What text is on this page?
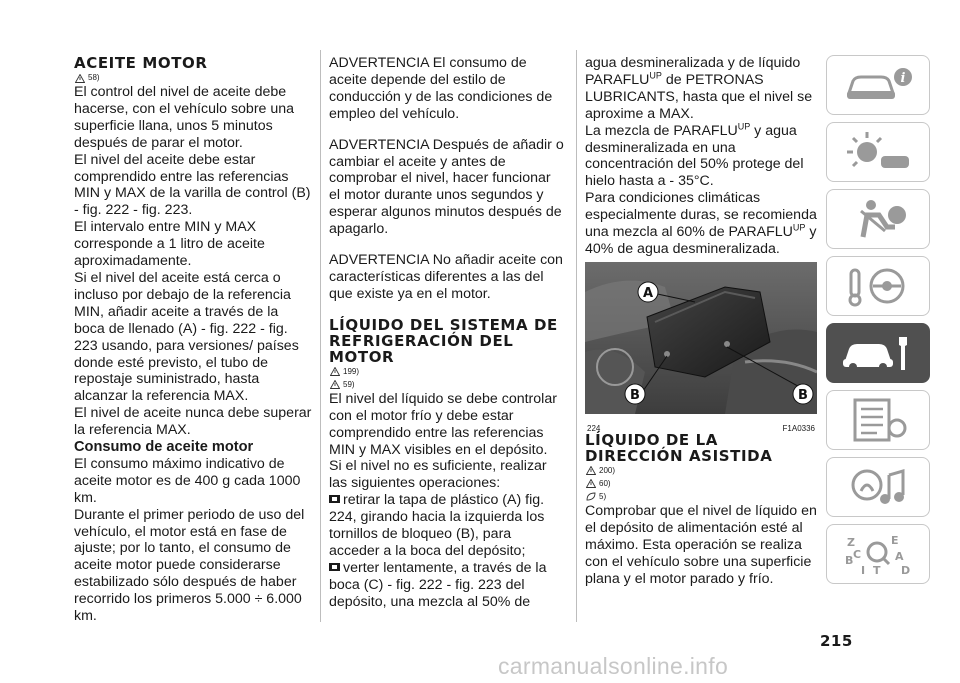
ACEITE MOTOR
58)

El control del nivel de aceite debe hacerse, con el vehículo sobre una superficie llana, unos 5 minutos después de parar el motor.

El nivel del aceite debe estar comprendido entre las referencias MIN y MAX de la varilla de control (B) - fig. 222 - fig. 223.

El intervalo entre MIN y MAX corresponde a 1 litro de aceite aproximadamente.

Si el nivel del aceite está cerca o incluso por debajo de la referencia MIN, añadir aceite a través de la boca de llenado (A) - fig. 222 - fig. 223 usando, para versiones/ países donde esté previsto, el tubo de repostaje suministrado, hasta alcanzar la referencia MAX.

El nivel de aceite nunca debe superar la referencia MAX.

Consumo de aceite motor

El consumo máximo indicativo de aceite motor es de 400 g cada 1000 km.

Durante el primer periodo de uso del vehículo, el motor está en fase de ajuste; por lo tanto, el consumo de aceite motor puede considerarse estabilizado sólo después de haber recorrido los primeros 5.000 ÷ 6.000 km.

ADVERTENCIA El consumo de aceite depende del estilo de conducción y de las condiciones de empleo del vehículo.

ADVERTENCIA Después de añadir o cambiar el aceite y antes de comprobar el nivel, hacer funcionar el motor durante unos segundos y esperar algunos minutos después de apagarlo.

ADVERTENCIA No añadir aceite con características diferentes a las del que existe ya en el motor.

LÍQUIDO DEL SISTEMA DE REFRIGERACIÓN DEL MOTOR
199)
59)

El nivel del líquido se debe controlar con el motor frío y debe estar comprendido entre las referencias MIN y MAX visibles en el depósito.

Si el nivel no es suficiente, realizar las siguientes operaciones:

retirar la tapa de plástico (A) fig. 224, girando hacia la izquierda los tornillos de bloqueo (B), para acceder a la boca del depósito;

verter lentamente, a través de la boca (C) - fig. 222 - fig. 223 del depósito, una mezcla al 50% de

agua desmineralizada y de líquido $PARAFLU^{UP}$ de PETRONAS LUBRICANTS, hasta que el nivel se aproxime a MAX.

La mezcla de $PARAFLU^{UP}$ y agua desmineralizada en una concentración del 50% protege del hielo hasta a - 35°C.

Para condiciones climáticas especialmente duras, se recomienda una mezcla al 60% de $PARAFLU^{UP}$ y 40% de agua desmineralizada.

A
B	B
224	F1A0336
LÍQUIDO DE LA DIRECCIÓN ASISTIDA
200)
60)
5)

Comprobar que el nivel de líquido en el depósito de alimentación esté al máximo. Esta operación se realiza con el vehículo sobre una superficie plana y el motor parado y frío.

i
Z	E
B	A
C
D
I T
215
carmanualsonline.info
